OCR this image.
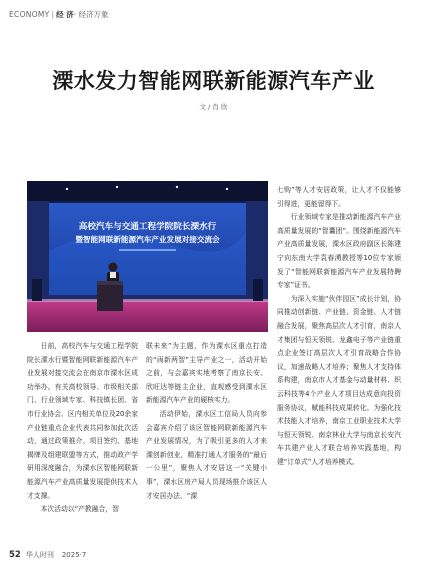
ECONOMY | 经 济· 经济万象
溧水发力智能网联新能源汽车产业
文 / 肖 欣
高校汽车与交通工程学院院长溧水行
暨智能网联新能源汽车产业发展对接交流会

日前，高校汽车与交通工程学院院长溧水行暨智能网联新能源汽车产业发展对接交流会在南京市溧水区成功举办。有关高校领导、市级相关部门、行业领域专家、科技镇长团、省市行业协会、区内相关单位及20余家产业链重点企业代表共同参加此次活动，通过政策推介、项目签约、基地揭牌及组建联盟等方式，推动政产学研用深度融合，为溧水区智能网联新能源汽车产业高质量发展提供技术人才支撑。

本次活动以“产教融合，智

联未来”为主题，作为溧水区重点打造的“両新两智”主导产业之一，活动开始之前，与会嘉宾实地考察了南京长安、欣旺达等链主企业，直观感受到溧水区新能源汽车产业的硬核实力。

活动伊始，溧水区工信局人员向参会嘉宾介绍了该区智能网联新能源汽车产业发展情况，为了吸引更多的人才来溧创新创业，精准打通人才服务的“最后一公里”，聚焦人才安居这一“关键小事”，溧水区房产局人员现场推介该区人才安居办法、“溧

七购”等人才安居政策，让人才不仅能够引得进，更能留得下。

行业领域专家是推动新能源汽车产业高质量发展的“智囊团”。围绕新能源汽车产业高质量发展，溧水区政府副区长陈建宁向东南大学袁春湧教授等10位专家颁发了“智能网联新能源汽车产业发展特聘专家”证书。

为深入实施“伙伴园区”成长计划，协同推动创新链、产业链、资金链、人才链融合发展，聚焦高层次人才引育，南京人才集团与恒天领锐、龙鑫电子等产业链重点企业签订高层次人才引育战略合作协议，加速战略人才培养；聚焦人才支持体系构建，南京市人才基金与动量材料、织云科技等4个产业人才项目达成意向投资服务协议，赋能科技成果转化。为强化技术技能人才培养，南京工业职业技术大学与恒天领锐、南京林业大学与南京长安汽车共建产业人才联合培养实践基地，构建“订单式”人才培养模式。

52 华人时刊 2025·7
